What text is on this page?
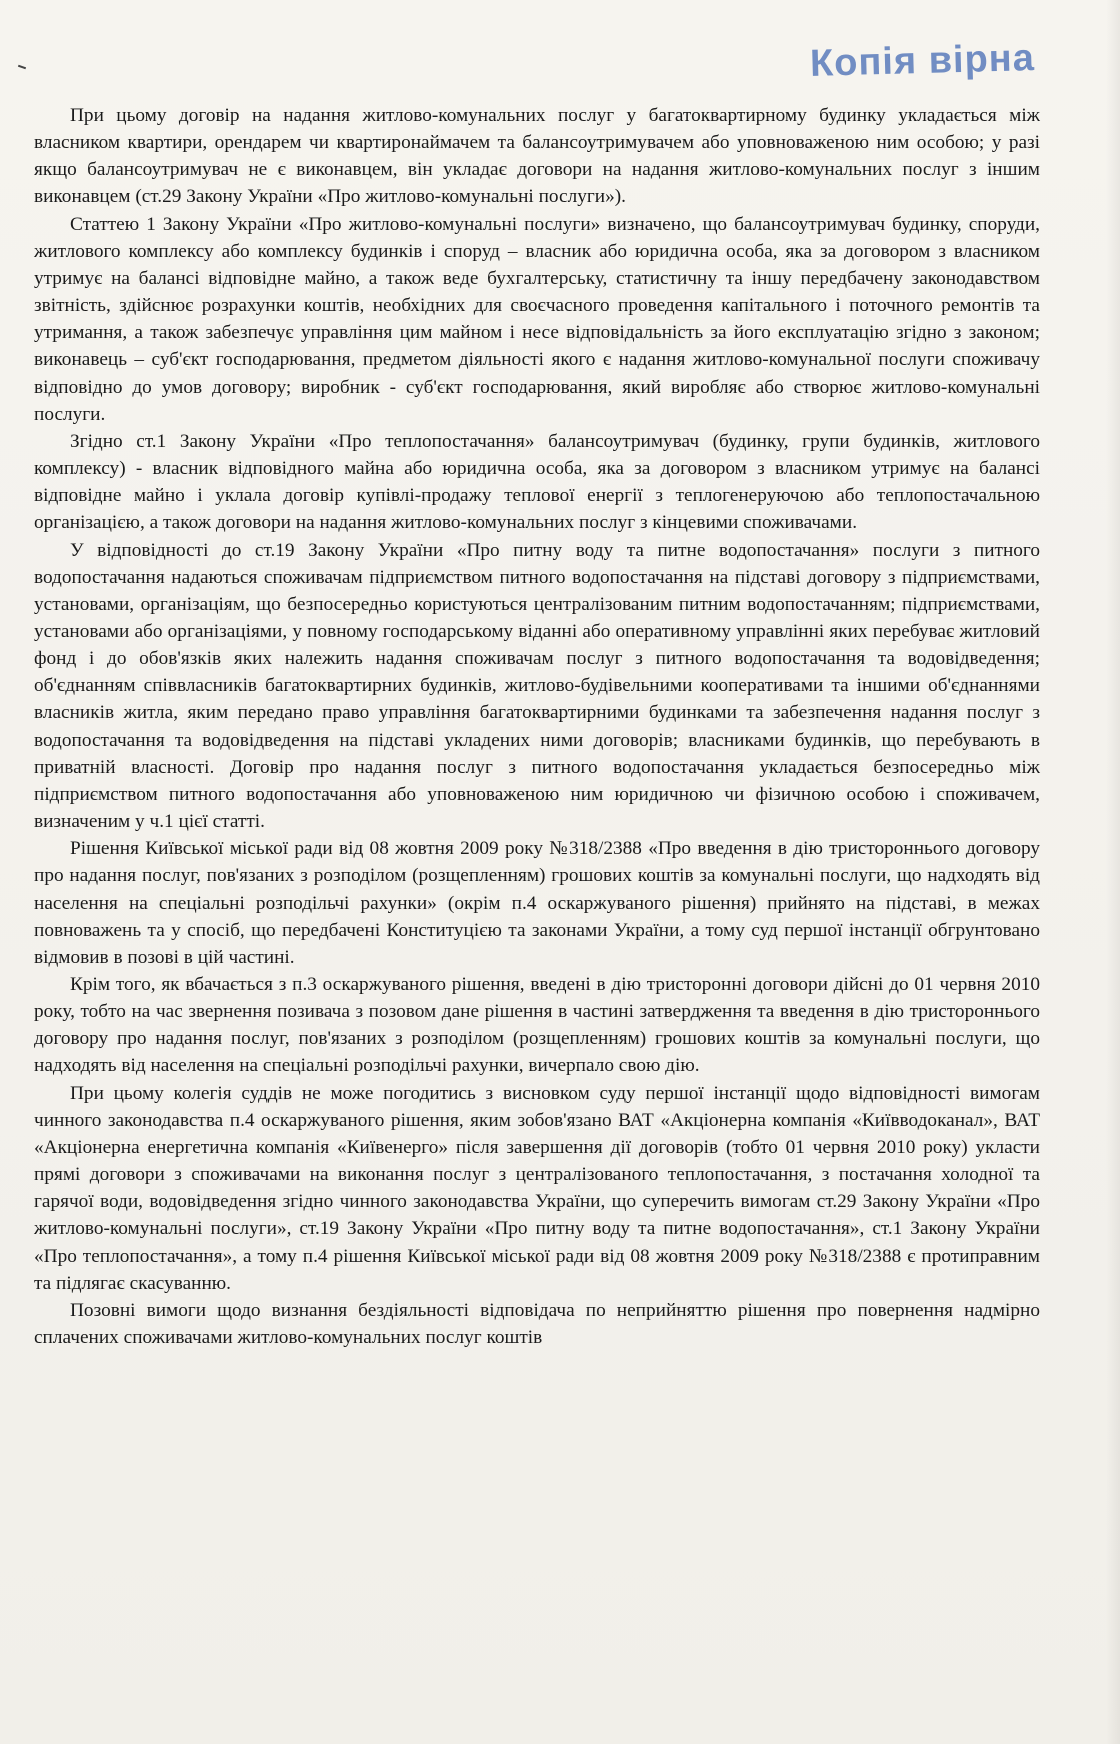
Копія вірна

При цьому договір на надання житлово-комунальних послуг у багатоквартирному будинку укладається між власником квартири, орендарем чи квартиронаймачем та балансоутримувачем або уповноваженою ним особою; у разі якщо балансоутримувач не є виконавцем, він укладає договори на надання житлово-комунальних послуг з іншим виконавцем (ст.29 Закону України «Про житлово-комунальні послуги»).

Статтею 1 Закону України «Про житлово-комунальні послуги» визначено, що балансоутримувач будинку, споруди, житлового комплексу або комплексу будинків і споруд – власник або юридична особа, яка за договором з власником утримує на балансі відповідне майно, а також веде бухгалтерську, статистичну та іншу передбачену законодавством звітність, здійснює розрахунки коштів, необхідних для своєчасного проведення капітального і поточного ремонтів та утримання, а також забезпечує управління цим майном і несе відповідальність за його експлуатацію згідно з законом; виконавець – суб'єкт господарювання, предметом діяльності якого є надання житлово-комунальної послуги споживачу відповідно до умов договору; виробник - суб'єкт господарювання, який виробляє або створює житлово-комунальні послуги.

Згідно ст.1 Закону України «Про теплопостачання» балансоутримувач (будинку, групи будинків, житлового комплексу) - власник відповідного майна або юридична особа, яка за договором з власником утримує на балансі відповідне майно і уклала договір купівлі-продажу теплової енергії з теплогенеруючою або теплопостачальною організацією, а також договори на надання житлово-комунальних послуг з кінцевими споживачами.

У відповідності до ст.19 Закону України «Про питну воду та питне водопостачання» послуги з питного водопостачання надаються споживачам підприємством питного водопостачання на підставі договору з підприємствами, установами, організаціям, що безпосередньо користуються централізованим питним водопостачанням; підприємствами, установами або організаціями, у повному господарському віданні або оперативному управлінні яких перебуває житловий фонд і до обов'язків яких належить надання споживачам послуг з питного водопостачання та водовідведення; об'єднанням співвласників багатоквартирних будинків, житлово-будівельними кооперативами та іншими об'єднаннями власників житла, яким передано право управління багатоквартирними будинками та забезпечення надання послуг з водопостачання та водовідведення на підставі укладених ними договорів; власниками будинків, що перебувають в приватній власності. Договір про надання послуг з питного водопостачання укладається безпосередньо між підприємством питного водопостачання або уповноваженою ним юридичною чи фізичною особою і споживачем, визначеним у ч.1 цієї статті.

Рішення Київської міської ради від 08 жовтня 2009 року №318/2388 «Про введення в дію тристороннього договору про надання послуг, пов'язаних з розподілом (розщепленням) грошових коштів за комунальні послуги, що надходять від населення на спеціальні розподільчі рахунки» (окрім п.4 оскаржуваного рішення) прийнято на підставі, в межах повноважень та у спосіб, що передбачені Конституцією та законами України, а тому суд першої інстанції обгрунтовано відмовив в позові в цій частині.

Крім того, як вбачається з п.3 оскаржуваного рішення, введені в дію тристоронні договори дійсні до 01 червня 2010 року, тобто на час звернення позивача з позовом дане рішення в частині затвердження та введення в дію тристороннього договору про надання послуг, пов'язаних з розподілом (розщепленням) грошових коштів за комунальні послуги, що надходять від населення на спеціальні розподільчі рахунки, вичерпало свою дію.

При цьому колегія суддів не може погодитись з висновком суду першої інстанції щодо відповідності вимогам чинного законодавства п.4 оскаржуваного рішення, яким зобов'язано ВАТ «Акціонерна компанія «Київводоканал», ВАТ «Акціонерна енергетична компанія «Київенерго» після завершення дії договорів (тобто 01 червня 2010 року) укласти прямі договори з споживачами на виконання послуг з централізованого теплопостачання, з постачання холодної та гарячої води, водовідведення згідно чинного законодавства України, що суперечить вимогам ст.29 Закону України «Про житлово-комунальні послуги», ст.19 Закону України «Про питну воду та питне водопостачання», ст.1 Закону України «Про теплопостачання», а тому п.4 рішення Київської міської ради від 08 жовтня 2009 року №318/2388 є протиправним та підлягає скасуванню.

Позовні вимоги щодо визнання бездіяльності відповідача по неприйняттю рішення про повернення надмірно сплачених споживачами житлово-комунальних послуг коштів
